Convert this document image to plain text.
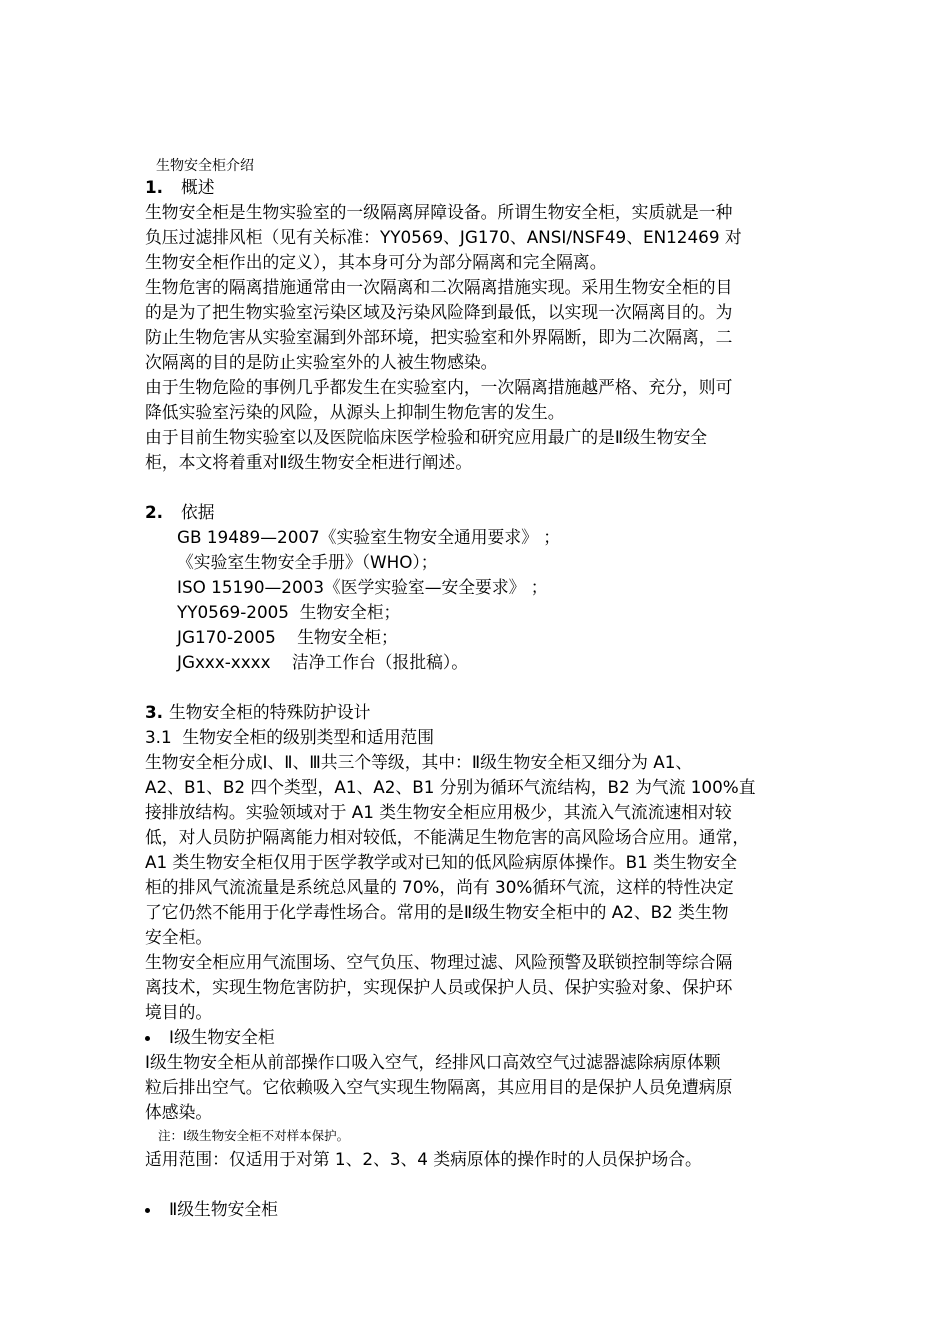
生物安全柜介绍
1. 概述
生物安全柜是生物实验室的一级隔离屏障设备。所谓生物安全柜，实质就是一种
负压过滤排风柜（见有关标准：YY0569、JG170、ANSI/NSF49、EN12469 对
生物安全柜作出的定义），其本身可分为部分隔离和完全隔离。
生物危害的隔离措施通常由一次隔离和二次隔离措施实现。采用生物安全柜的目
的是为了把生物实验室污染区域及污染风险降到最低，以实现一次隔离目的。为
防止生物危害从实验室漏到外部环境，把实验室和外界隔断，即为二次隔离，二
次隔离的目的是防止实验室外的人被生物感染。
由于生物危险的事例几乎都发生在实验室内，一次隔离措施越严格、充分，则可
降低实验室污染的风险，从源头上抑制生物危害的发生。
由于目前生物实验室以及医院临床医学检验和研究应用最广的是Ⅱ级生物安全
柜，本文将着重对Ⅱ级生物安全柜进行阐述。
2. 依据
GB 19489—2007《实验室生物安全通用要求》 ；
《实验室生物安全手册》（WHO）；
ISO 15190—2003《医学实验室—安全要求》 ；
YY0569-2005  生物安全柜；
JG170-2005    生物安全柜；
JGxxx-xxxx    洁净工作台（报批稿）。
3. 生物安全柜的特殊防护设计
3.1  生物安全柜的级别类型和适用范围
生物安全柜分成Ⅰ、Ⅱ、Ⅲ共三个等级，其中：Ⅱ级生物安全柜又细分为 A1、
A2、B1、B2 四个类型，A1、A2、B1 分别为循环气流结构，B2 为气流 100%直
接排放结构。实验领域对于 A1 类生物安全柜应用极少，其流入气流流速相对较
低，对人员防护隔离能力相对较低，不能满足生物危害的高风险场合应用。通常，
A1 类生物安全柜仅用于医学教学或对已知的低风险病原体操作。B1 类生物安全
柜的排风气流流量是系统总风量的 70%，尚有 30%循环气流，这样的特性决定
了它仍然不能用于化学毒性场合。常用的是Ⅱ级生物安全柜中的 A2、B2 类生物
安全柜。
生物安全柜应用气流围场、空气负压、物理过滤、风险预警及联锁控制等综合隔
离技术，实现生物危害防护，实现保护人员或保护人员、保护实验对象、保护环
境目的。
Ⅰ级生物安全柜
Ⅰ级生物安全柜从前部操作口吸入空气，经排风口高效空气过滤器滤除病原体颗
粒后排出空气。它依赖吸入空气实现生物隔离，其应用目的是保护人员免遭病原
体感染。
注：Ⅰ级生物安全柜不对样本保护。
适用范围：仅适用于对第 1、2、3、4 类病原体的操作时的人员保护场合。
Ⅱ级生物安全柜
